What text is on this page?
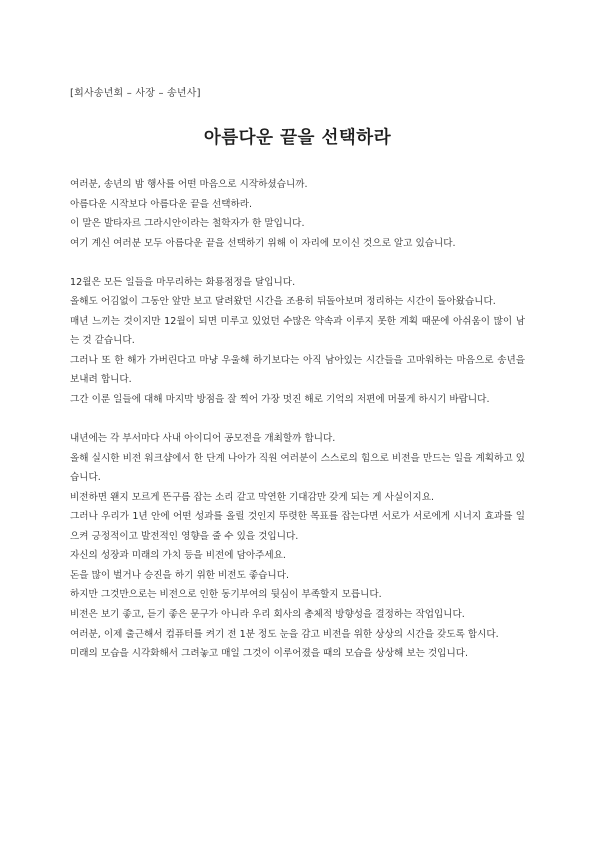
[회사송년회 – 사장 – 송년사]
아름다운 끝을 선택하라

여러분, 송년의 밤 행사를 어떤 마음으로 시작하셨습니까.

아름다운 시작보다 아름다운 끝을 선택하라.

이 말은 발타자르 그라시안이라는 철학자가 한 말입니다.

여기 계신 여러분 모두 아름다운 끝을 선택하기 위해 이 자리에 모이신 것으로 알고 있습니다.

12월은 모든 일들을 마무리하는 화룡점정을 달입니다.

올해도 어김없이 그동안 앞만 보고 달려왔던 시간을 조용히 뒤돌아보며 정리하는 시간이 돌아왔습니다.

매년 느끼는 것이지만 12월이 되면 미루고 있었던 수많은 약속과 이루지 못한 계획 때문에 아쉬움이 많이 남는 것 같습니다.

그러나 또 한 해가 가버린다고 마냥 우울해 하기보다는 아직 남아있는 시간들을 고마워하는 마음으로 송년을 보내려 합니다.

그간 이룬 일들에 대해 마지막 방점을 잘 찍어 가장 멋진 해로 기억의 저편에 머물게 하시기 바랍니다.

내년에는 각 부서마다 사내 아이디어 공모전을 개최할까 합니다.

올해 실시한 비전 워크샵에서 한 단계 나아가 직원 여러분이 스스로의 힘으로 비전을 만드는 일을 계획하고 있습니다.

비전하면 왠지 모르게 뜬구름 잡는 소리 같고 막연한 기대감만 갖게 되는 게 사실이지요.

그러나 우리가 1년 안에 어떤 성과를 올릴 것인지 뚜렷한 목표를 잡는다면 서로가 서로에게 시너지 효과를 일으켜 긍정적이고 발전적인 영향을 줄 수 있을 것입니다.

자신의 성장과 미래의 가치 등을 비전에 담아주세요.

돈을 많이 벌거나 승진을 하기 위한 비전도 좋습니다.

하지만 그것만으로는 비전으로 인한 동기부여의 뒷심이 부족할지 모릅니다.

비전은 보기 좋고, 듣기 좋은 문구가 아니라 우리 회사의 총체적 방향성을 결정하는 작업입니다.

여러분, 이제 출근해서 컴퓨터를 켜기 전 1분 정도 눈을 감고 비전을 위한 상상의 시간을 갖도록 합시다.

미래의 모습을 시각화해서 그려놓고 매일 그것이 이루어졌을 때의 모습을 상상해 보는 것입니다.
